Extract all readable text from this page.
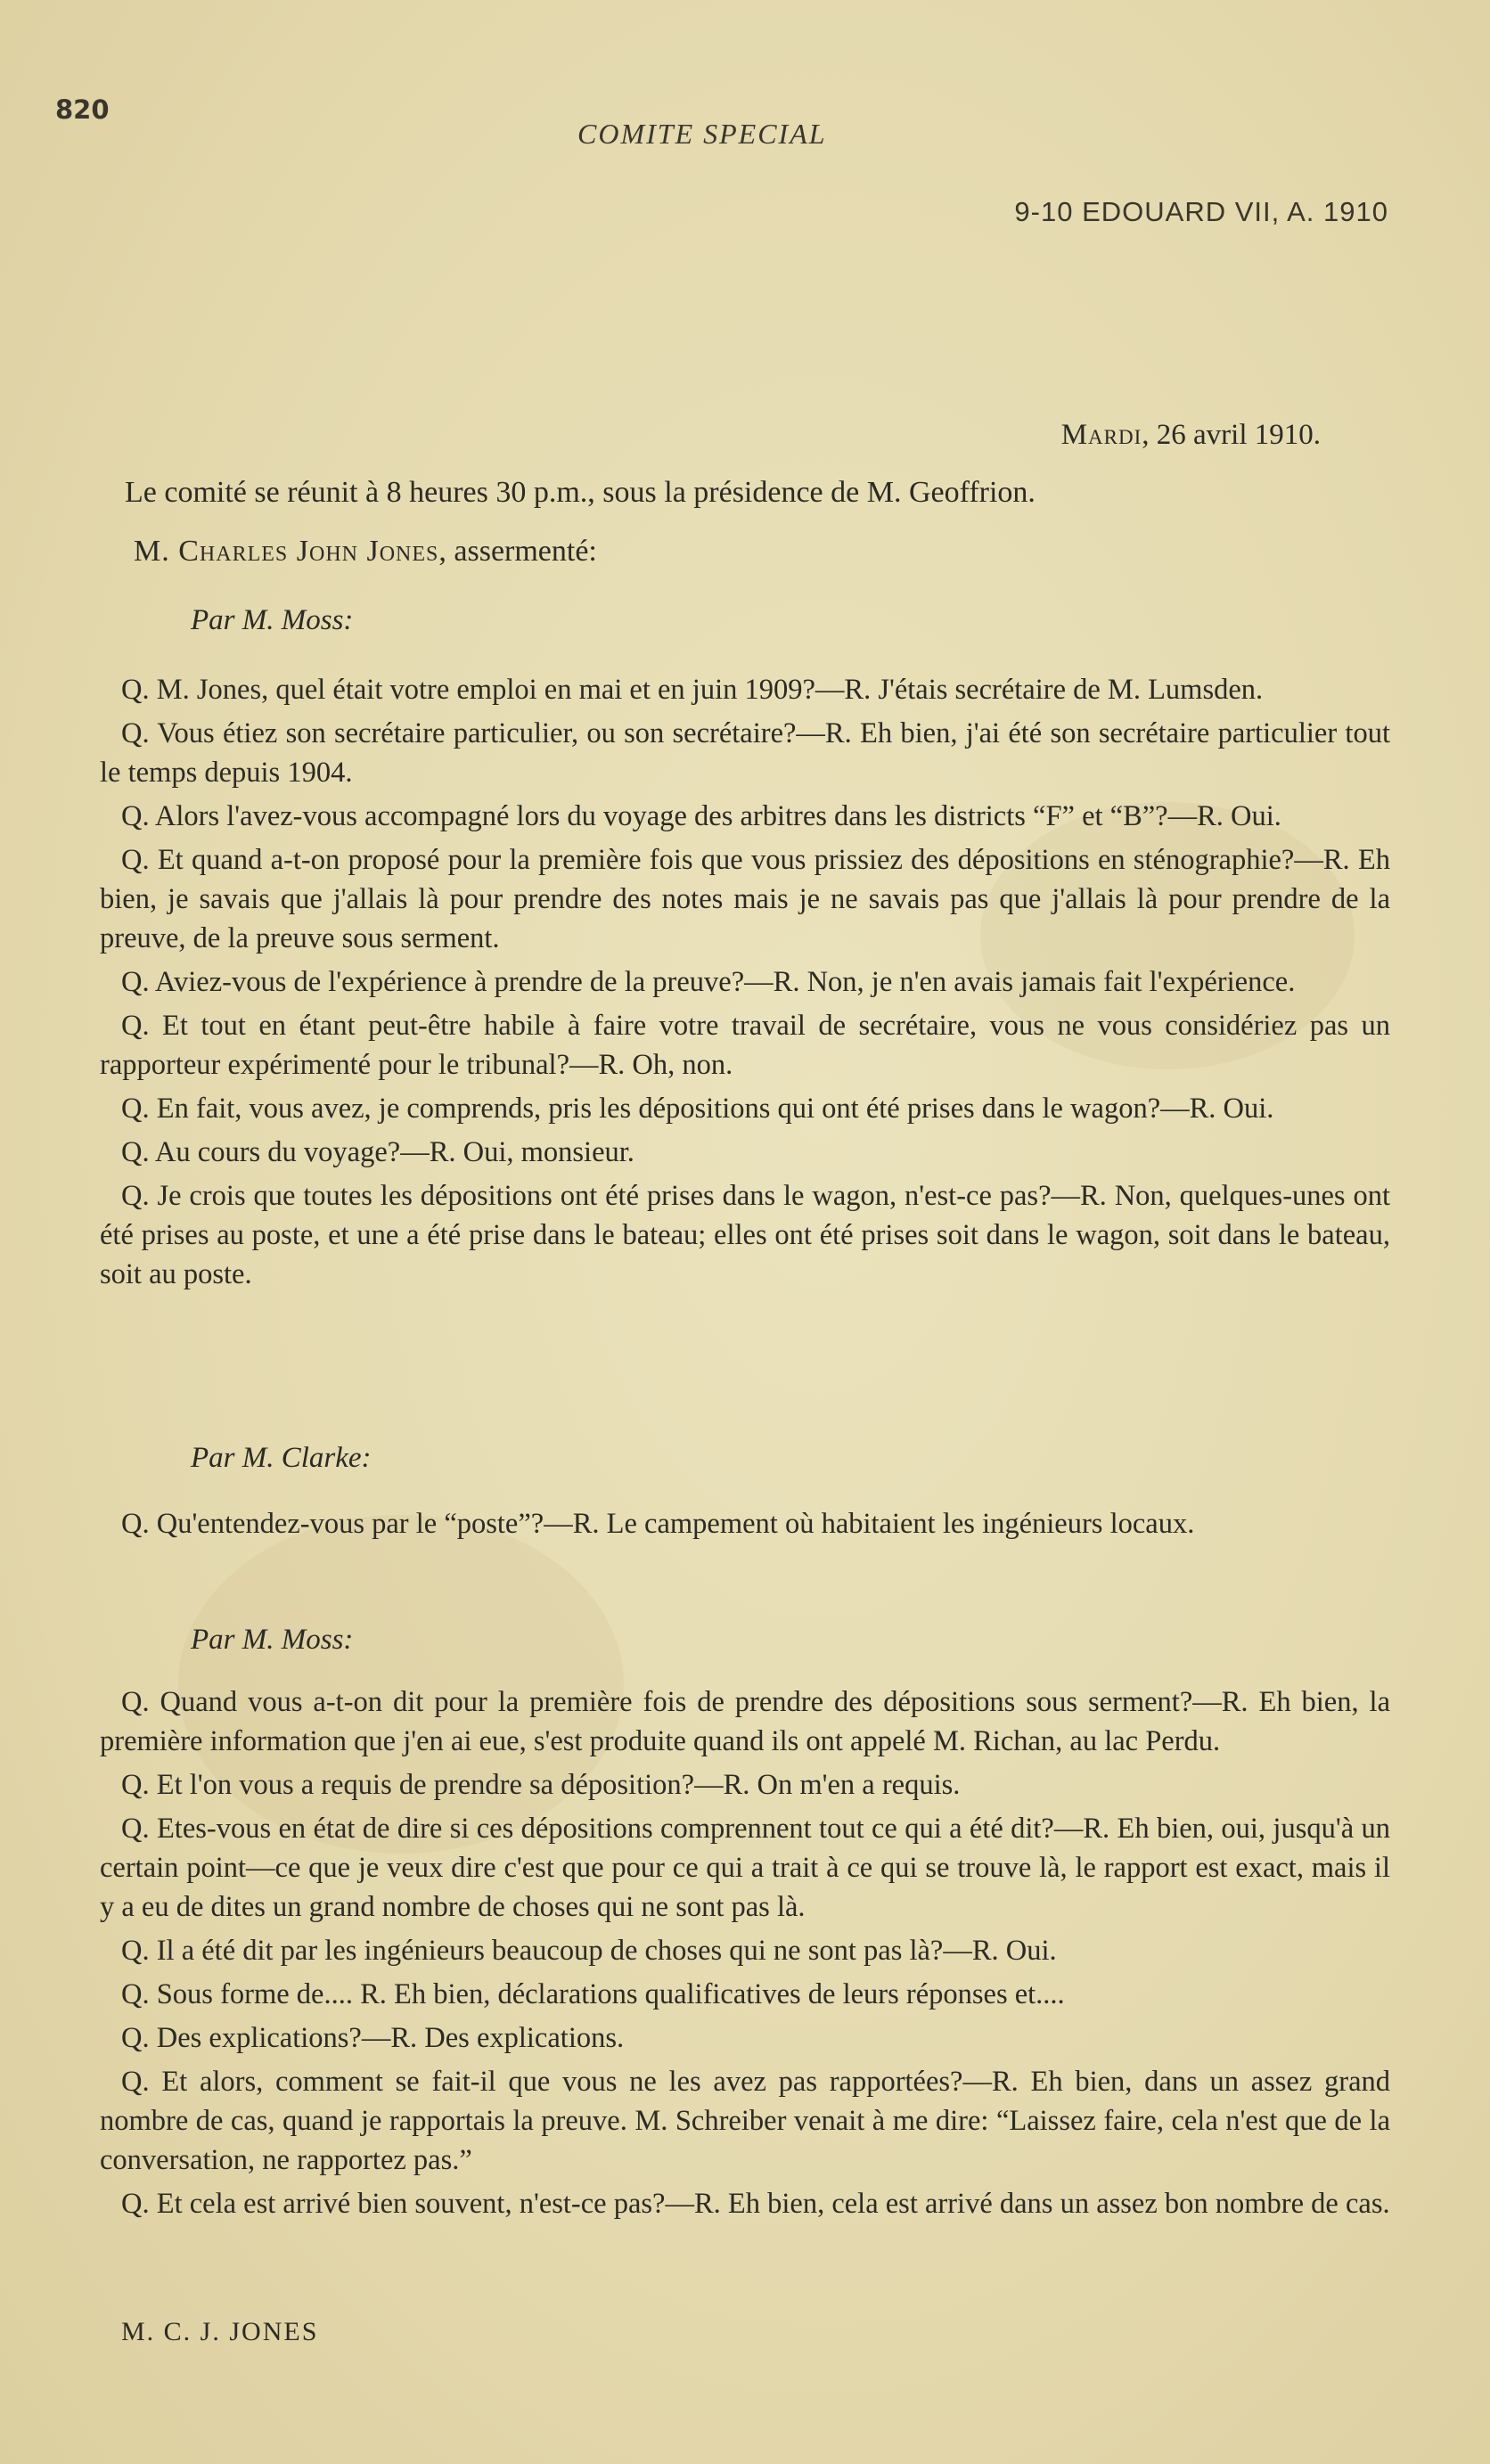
820
COMITE SPECIAL
9-10 EDOUARD VII, A. 1910
Mardi, 26 avril 1910.
Le comité se réunit à 8 heures 30 p.m., sous la présidence de M. Geoffrion.
M. Charles John Jones, assermenté:
Par M. Moss:

Q. M. Jones, quel était votre emploi en mai et en juin 1909?—R. J'étais secrétaire de M. Lumsden.

Q. Vous étiez son secrétaire particulier, ou son secrétaire?—R. Eh bien, j'ai été son secrétaire particulier tout le temps depuis 1904.

Q. Alors l'avez-vous accompagné lors du voyage des arbitres dans les districts “F” et “B”?—R. Oui.

Q. Et quand a-t-on proposé pour la première fois que vous prissiez des dépositions en sténographie?—R. Eh bien, je savais que j'allais là pour prendre des notes mais je ne savais pas que j'allais là pour prendre de la preuve, de la preuve sous serment.

Q. Aviez-vous de l'expérience à prendre de la preuve?—R. Non, je n'en avais jamais fait l'expérience.

Q. Et tout en étant peut-être habile à faire votre travail de secrétaire, vous ne vous considériez pas un rapporteur expérimenté pour le tribunal?—R. Oh, non.

Q. En fait, vous avez, je comprends, pris les dépositions qui ont été prises dans le wagon?—R. Oui.

Q. Au cours du voyage?—R. Oui, monsieur.

Q. Je crois que toutes les dépositions ont été prises dans le wagon, n'est-ce pas?—R. Non, quelques-unes ont été prises au poste, et une a été prise dans le bateau; elles ont été prises soit dans le wagon, soit dans le bateau, soit au poste.

Par M. Clarke:

Q. Qu'entendez-vous par le “poste”?—R. Le campement où habitaient les ingénieurs locaux.

Par M. Moss:

Q. Quand vous a-t-on dit pour la première fois de prendre des dépositions sous serment?—R. Eh bien, la première information que j'en ai eue, s'est produite quand ils ont appelé M. Richan, au lac Perdu.

Q. Et l'on vous a requis de prendre sa déposition?—R. On m'en a requis.

Q. Etes-vous en état de dire si ces dépositions comprennent tout ce qui a été dit?—R. Eh bien, oui, jusqu'à un certain point—ce que je veux dire c'est que pour ce qui a trait à ce qui se trouve là, le rapport est exact, mais il y a eu de dites un grand nombre de choses qui ne sont pas là.

Q. Il a été dit par les ingénieurs beaucoup de choses qui ne sont pas là?—R. Oui.

Q. Sous forme de.... R. Eh bien, déclarations qualificatives de leurs réponses et....

Q. Des explications?—R. Des explications.

Q. Et alors, comment se fait-il que vous ne les avez pas rapportées?—R. Eh bien, dans un assez grand nombre de cas, quand je rapportais la preuve. M. Schreiber venait à me dire: “Laissez faire, cela n'est que de la conversation, ne rapportez pas.”

Q. Et cela est arrivé bien souvent, n'est-ce pas?—R. Eh bien, cela est arrivé dans un assez bon nombre de cas.

M. C. J. JONES
